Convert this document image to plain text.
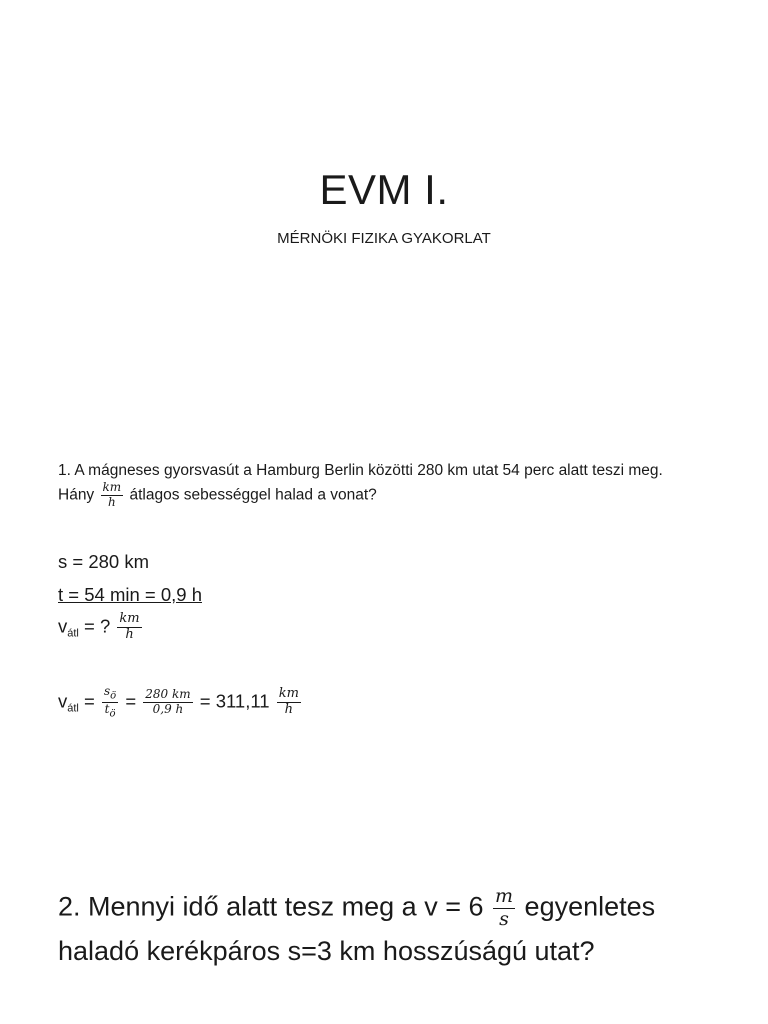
EVM I.
MÉRNÖKI FIZIKA GYAKORLAT
1. A mágneses gyorsvasút a Hamburg Berlin közötti 280 km utat 54 perc alatt teszi meg.
Hány $\frac{km}{h}$ átlagos sebességgel halad a vonat?
s = 280 km
t = 54 min = 0,9 h
$v_{átl}$ = ? $\frac{km}{h}$
$v_{átl} = \frac{s_ö}{t_ö} = \frac{280 km}{0,9 h} = 311,11 \frac{km}{h}$
2. Mennyi idő alatt tesz meg a $v = 6 \frac{m}{s}$ egyenletes haladó kerékpáros s=3 km hosszúságú utat?
